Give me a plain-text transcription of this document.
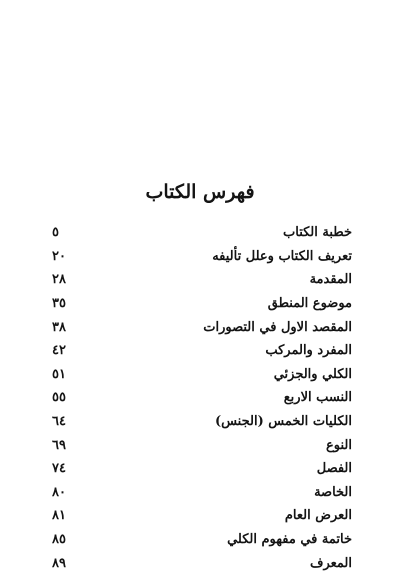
فهرس الكتاب
خطبة الكتاب
٥
تعريف الكتاب وعلل تأليفه
٢٠
المقدمة
٢٨
موضوع المنطق
٣٥
المقصد الاول في التصورات
٣٨
المفرد والمركب
٤٢
الكلي والجزئي
٥١
النسب الاربع
٥٥
الكليات الخمس (الجنس)
٦٤
النوع
٦٩
الفصل
٧٤
الخاصة
٨٠
العرض العام
٨١
خاتمة في مفهوم الكلي
٨٥
المعرف
٨٩
